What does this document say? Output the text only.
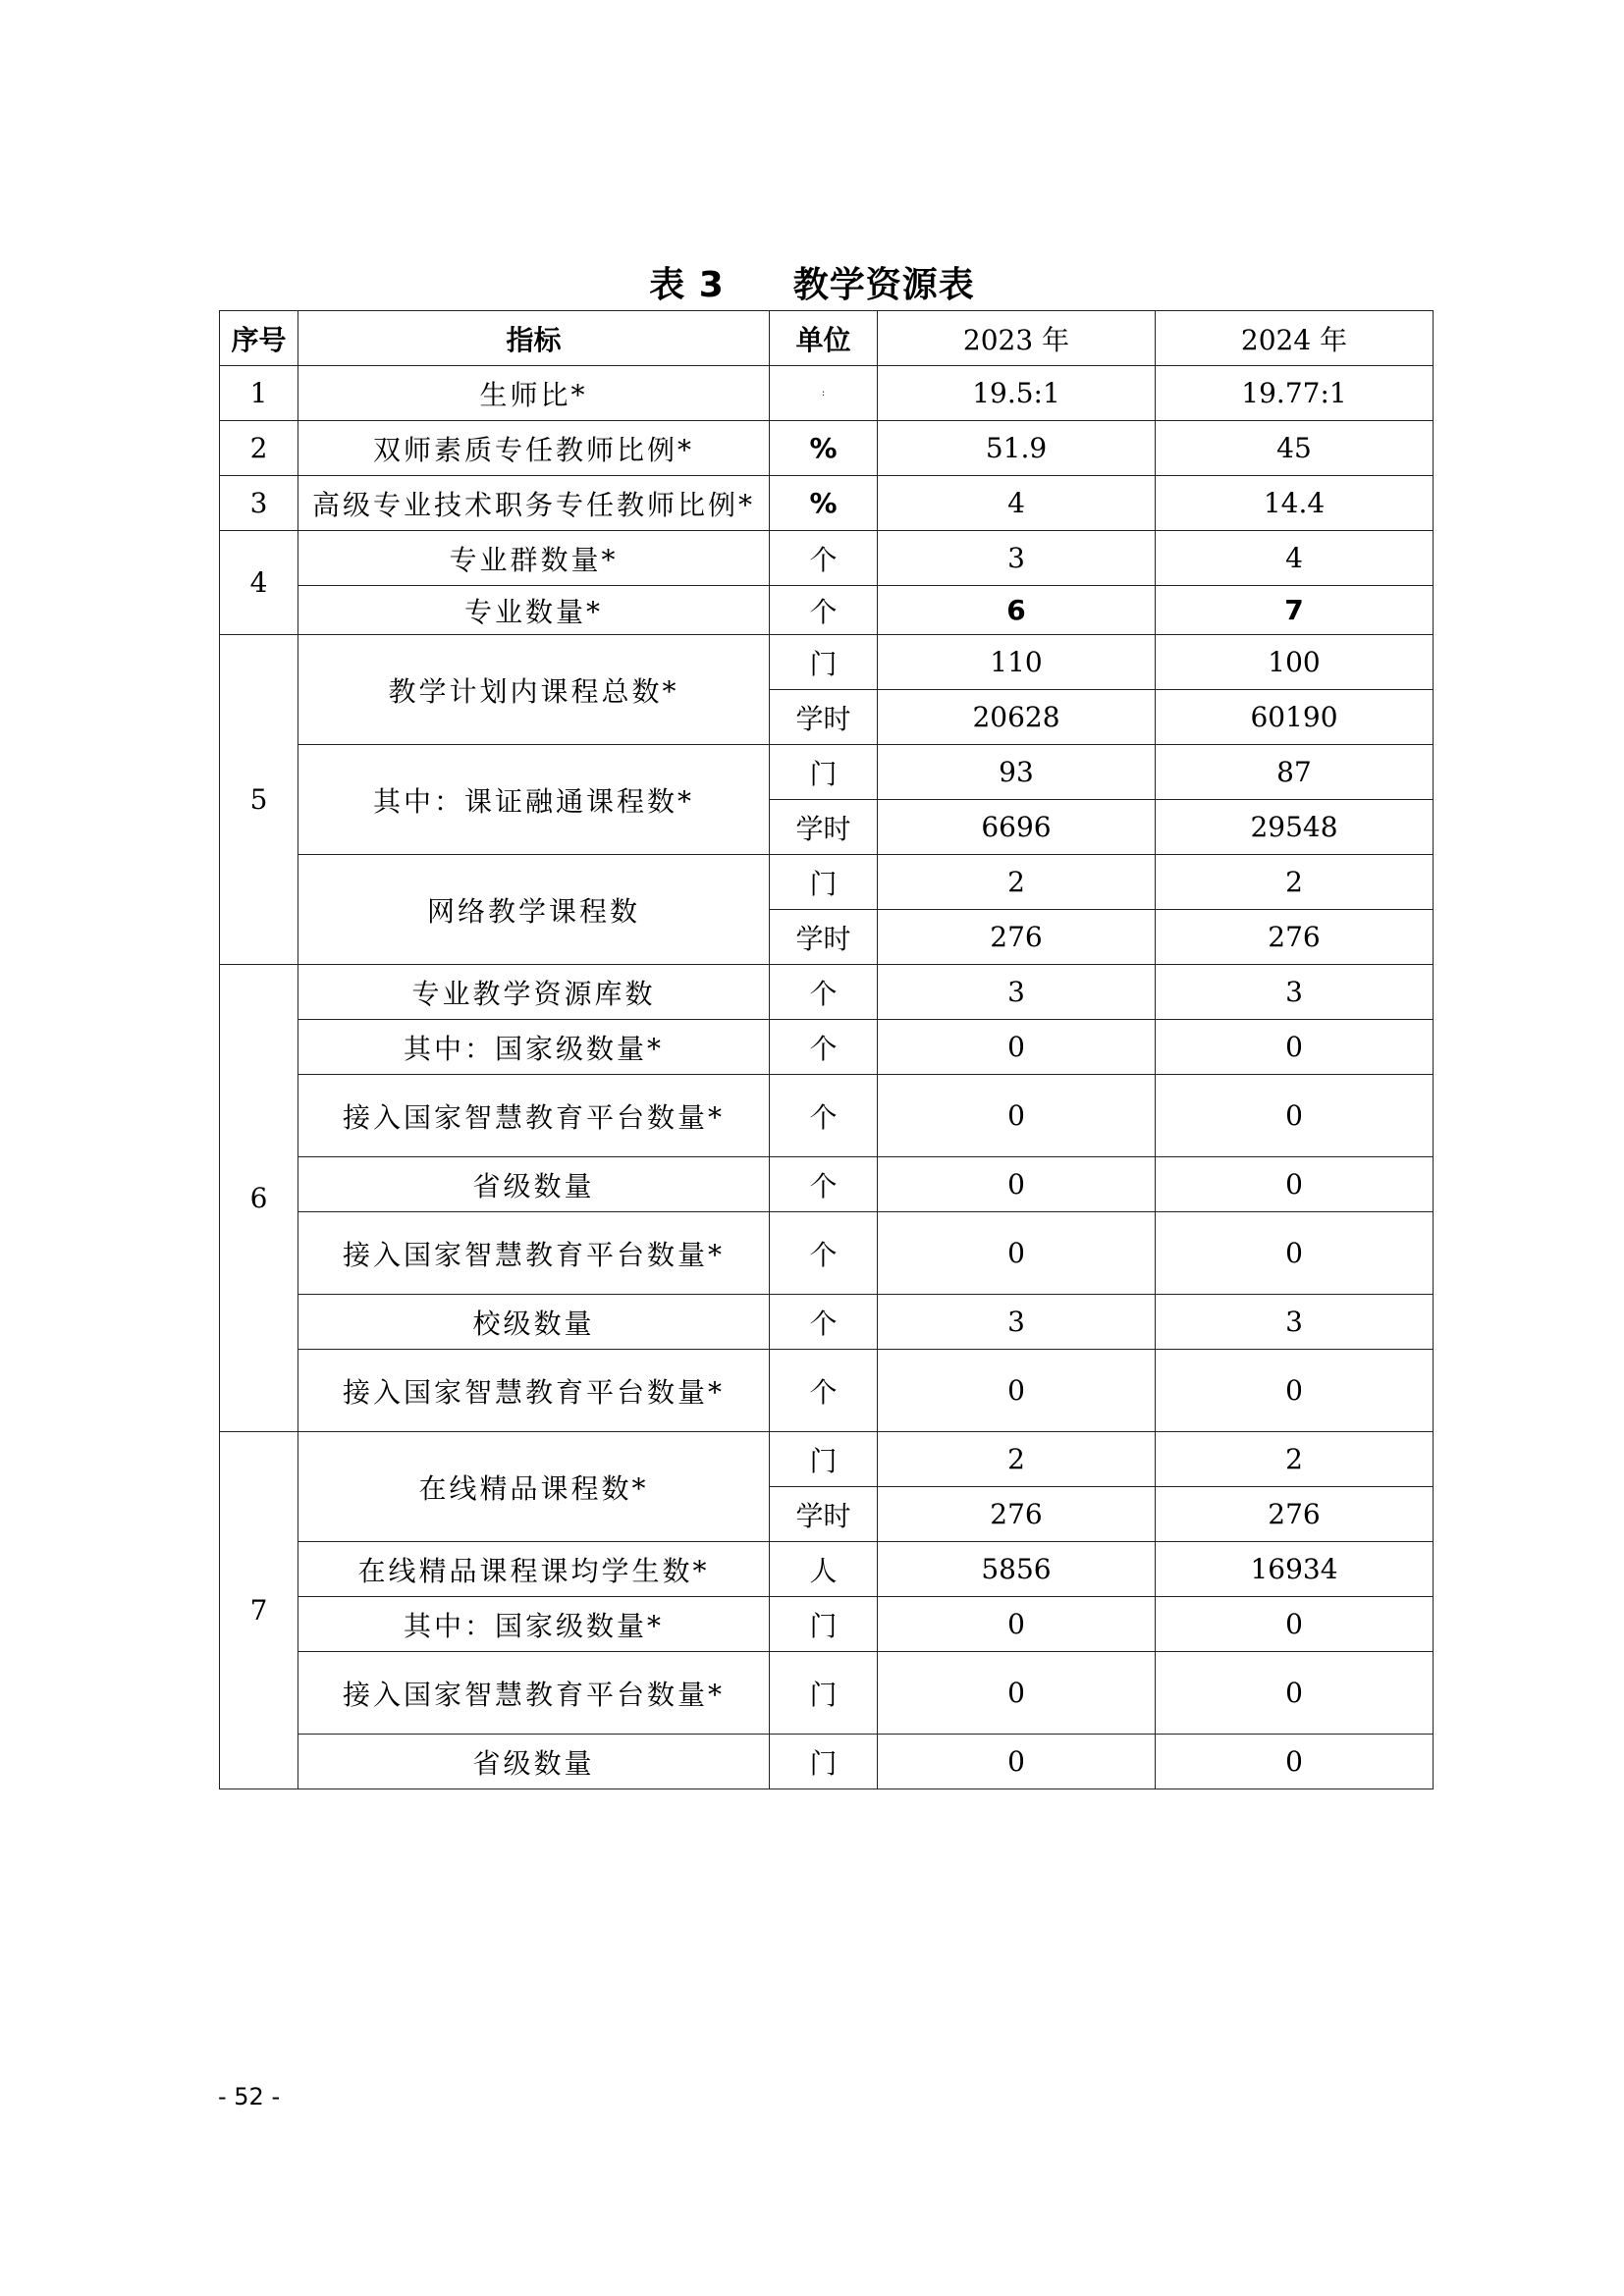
表 3 教学资源表
序号	指标	单位	2023 年	2024 年
1	生师比*	:	19.5:1	19.77:1
2	双师素质专任教师比例*	%	51.9	45
3	高级专业技术职务专任教师比例*	%	4	14.4
4	专业群数量*	个	3	4
	专业数量*	个	6	7
5	教学计划内课程总数*	门	110	100
		学时	20628	60190
	其中：课证融通课程数*	门	93	87
		学时	6696	29548
	网络教学课程数	门	2	2
		学时	276	276
6	专业教学资源库数	个	3	3
	其中：国家级数量*	个	0	0
	接入国家智慧教育平台数量*	个	0	0
	省级数量	个	0	0
	接入国家智慧教育平台数量*	个	0	0
	校级数量	个	3	3
	接入国家智慧教育平台数量*	个	0	0
7	在线精品课程数*	门	2	2
		学时	276	276
	在线精品课程课均学生数*	人	5856	16934
	其中：国家级数量*	门	0	0
	接入国家智慧教育平台数量*	门	0	0
	省级数量	门	0	0
- 52 -
